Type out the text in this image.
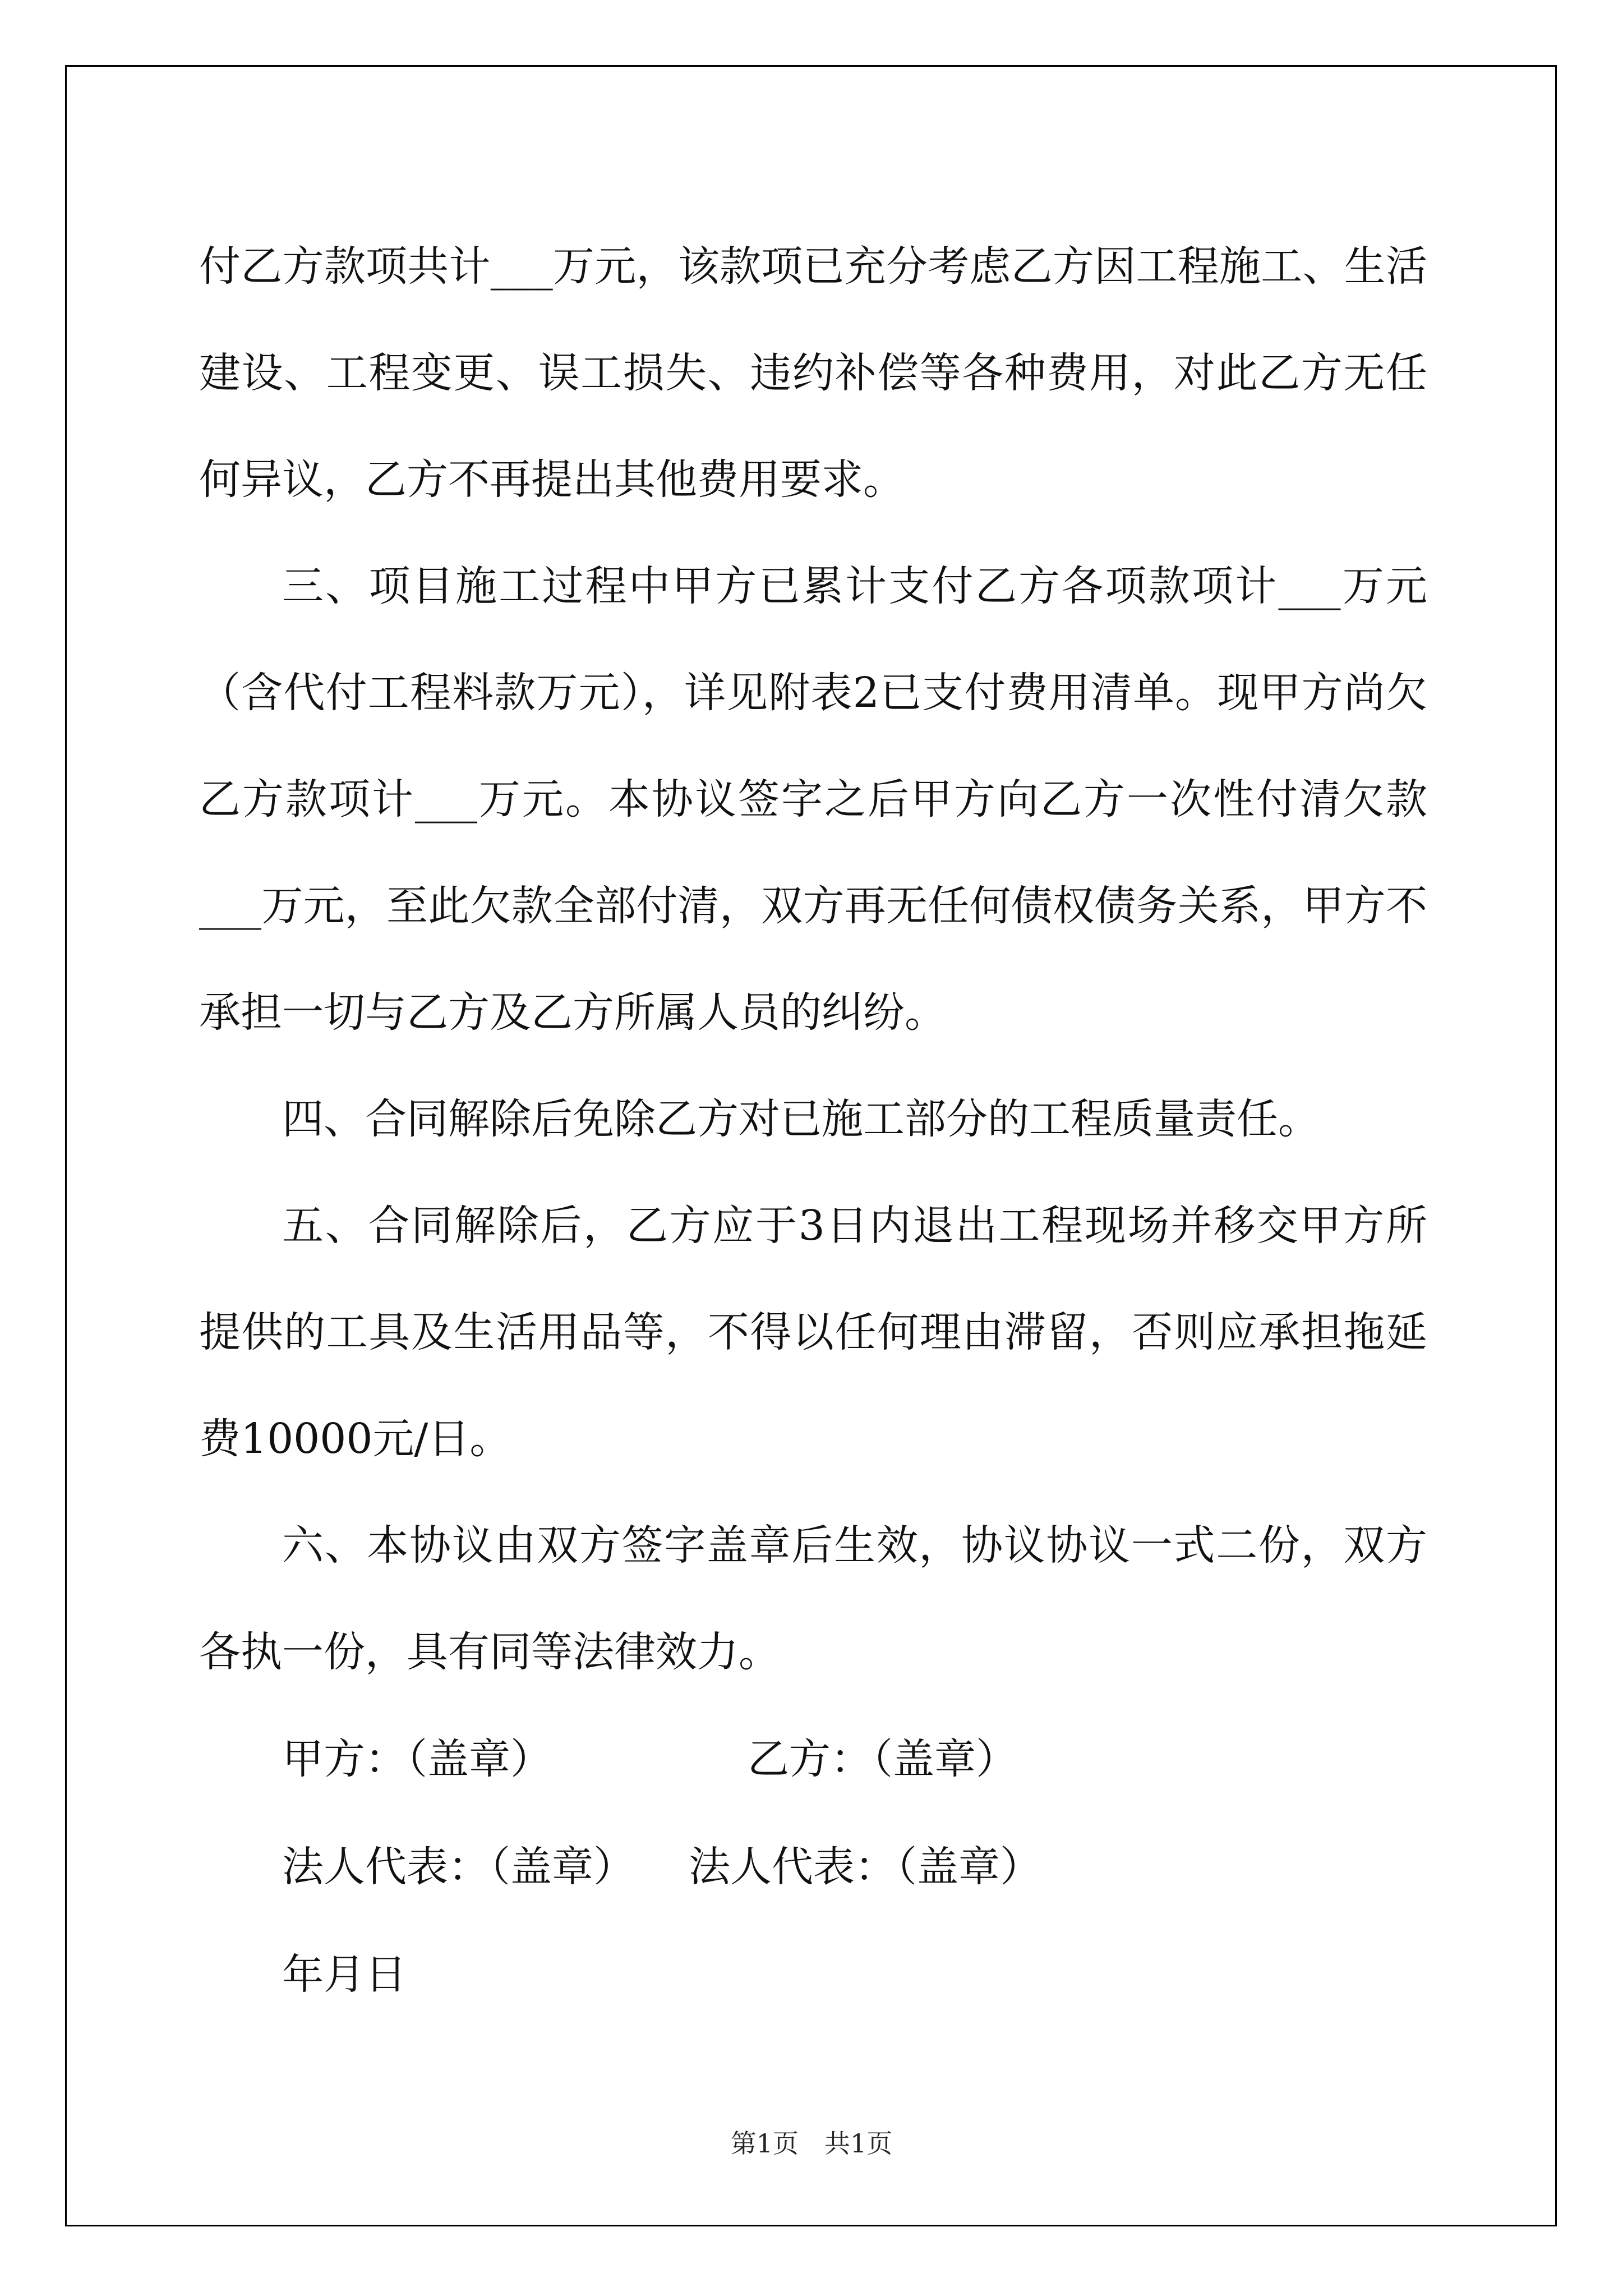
付乙方款项共计___万元，该款项已充分考虑乙方因工程施工、生活建设、工程变更、误工损失、违约补偿等各种费用，对此乙方无任何异议，乙方不再提出其他费用要求。

三、项目施工过程中甲方已累计支付乙方各项款项计___万元（含代付工程料款万元），详见附表2已支付费用清单。现甲方尚欠乙方款项计___万元。本协议签字之后甲方向乙方一次性付清欠款___万元，至此欠款全部付清，双方再无任何债权债务关系，甲方不承担一切与乙方及乙方所属人员的纠纷。

四、合同解除后免除乙方对已施工部分的工程质量责任。

五、合同解除后，乙方应于3日内退出工程现场并移交甲方所提供的工具及生活用品等，不得以任何理由滞留，否则应承担拖延费10000元/日。

六、本协议由双方签字盖章后生效，协议协议一式二份，双方各执一份，具有同等法律效力。

甲方：（盖章）	乙方：（盖章）
法人代表：（盖章） 法人代表：（盖章）
年月日
第1页　共1页
